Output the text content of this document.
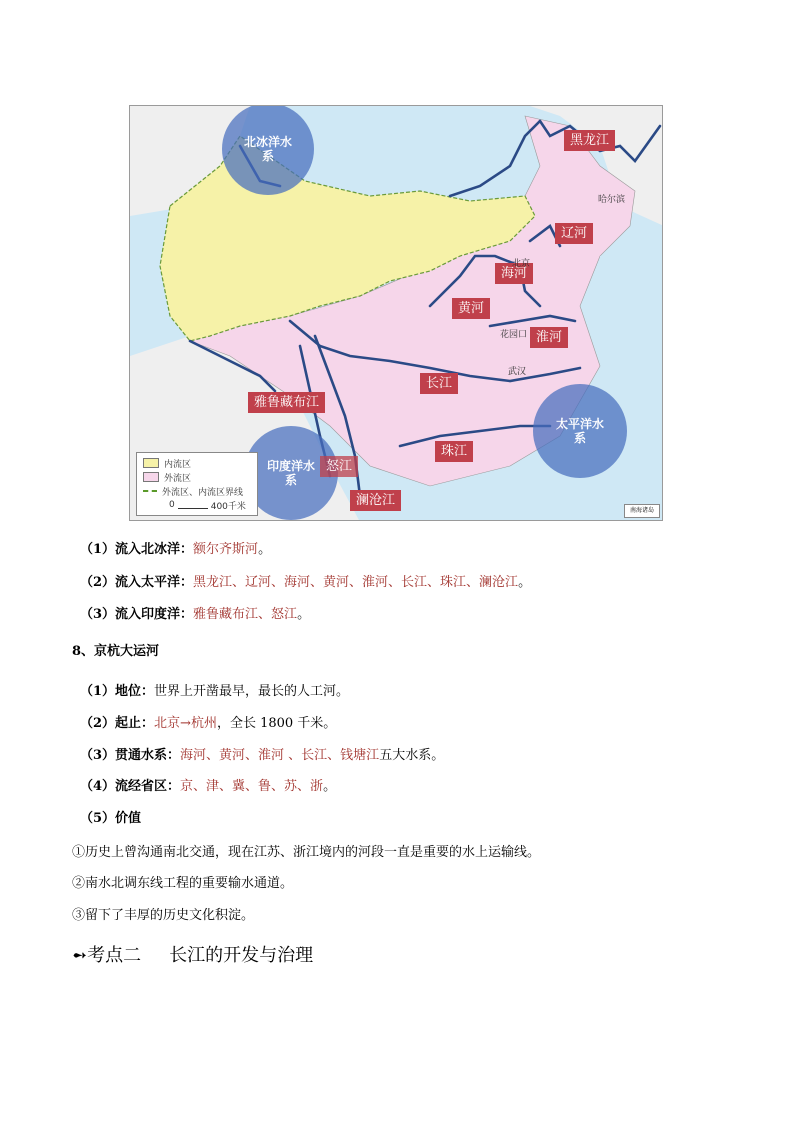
黑龙江
辽河
海河
黄河
淮河
长江
珠江
雅鲁藏布江
澜沧江
北冰洋水系
太平洋水系
印度洋水系
怒江
哈尔滨
北京
花园口
武汉
内流区
外流区
外流区、内流区界线
0	400千米	南海诸岛
（1）流入北冰洋：额尔齐斯河。
（2）流入太平洋：黑龙江、辽河、海河、黄河、淮河、长江、珠江、澜沧江。
（3）流入印度洋：雅鲁藏布江、怒江。
8、京杭大运河
（1）地位：世界上开凿最早，最长的人工河。
（2）起止：北京→杭州，全长 1800 千米。
（3）贯通水系：海河、黄河、淮河 、长江、钱塘江五大水系。
（4）流经省区：京、津、冀、鲁、苏、浙。
（5）价值
①历史上曾沟通南北交通，现在江苏、浙江境内的河段一直是重要的水上运输线。
②南水北调东线工程的重要输水通道。
③留下了丰厚的历史文化积淀。
➻考点二 长江的开发与治理
